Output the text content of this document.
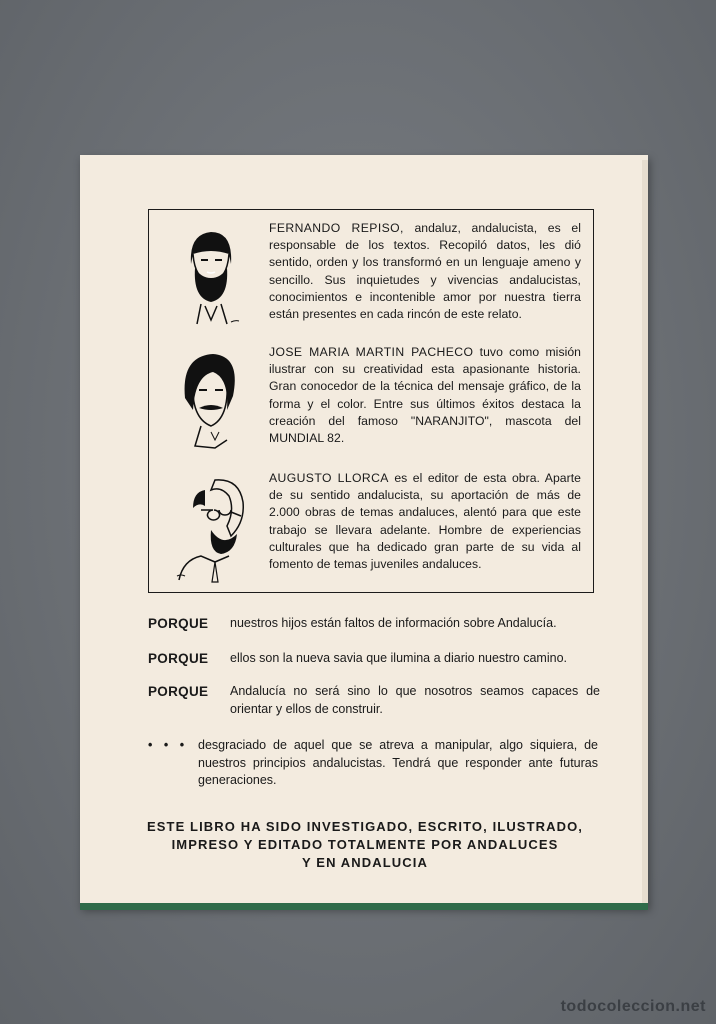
FERNANDO REPISO, andaluz, andalucista, es el responsable de los textos. Recopiló datos, les dió sentido, orden y los transformó en un lenguaje ameno y sencillo. Sus inquietudes y vivencias andalucistas, conocimientos e incontenible amor por nuestra tierra están presentes en cada rincón de este relato.
JOSE MARIA MARTIN PACHECO tuvo como misión ilustrar con su creatividad esta apasionante historia. Gran conocedor de la técnica del mensaje gráfico, de la forma y el color. Entre sus últimos éxitos destaca la creación del famoso "NARANJITO", mascota del MUNDIAL 82.
AUGUSTO LLORCA es el editor de esta obra. Aparte de su sentido andalucista, su aportación de más de 2.000 obras de temas andaluces, alentó para que este trabajo se llevara adelante. Hombre de experiencias culturales que ha dedicado gran parte de su vida al fomento de temas juveniles andaluces.
PORQUE nuestros hijos están faltos de información sobre Andalucía.
PORQUE ellos son la nueva savia que ilumina a diario nuestro camino.
PORQUE Andalucía no será sino lo que nosotros seamos capaces de orientar y ellos de construir.
• • • desgraciado de aquel que se atreva a manipular, algo siquiera, de nuestros principios andalucistas. Tendrá que responder ante futuras generaciones.
ESTE LIBRO HA SIDO INVESTIGADO, ESCRITO, ILUSTRADO,
IMPRESO Y EDITADO TOTALMENTE POR ANDALUCES
Y EN ANDALUCIA
todocoleccion.net
